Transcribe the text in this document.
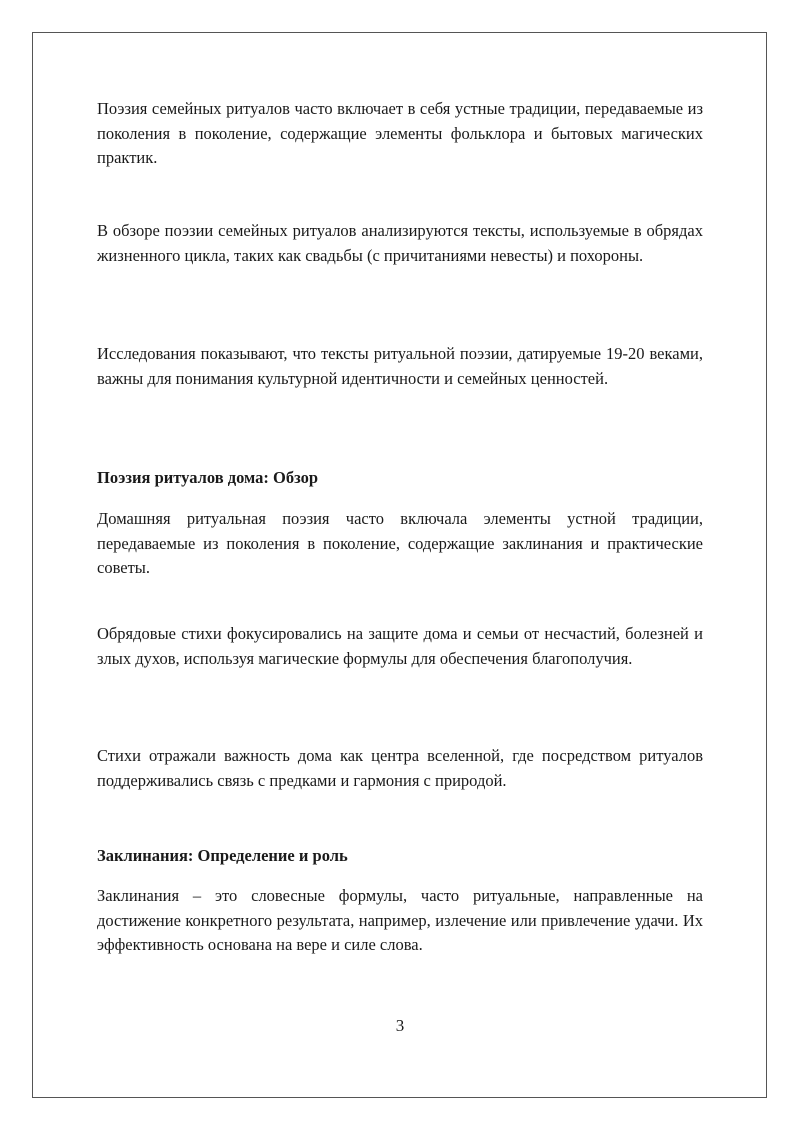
Поэзия семейных ритуалов часто включает в себя устные традиции, передаваемые из поколения в поколение, содержащие элементы фольклора и бытовых магических практик.

В обзоре поэзии семейных ритуалов анализируются тексты, используемые в обрядах жизненного цикла, таких как свадьбы (с причитаниями невесты) и похороны.

Исследования показывают, что тексты ритуальной поэзии, датируемые 19-20 веками, важны для понимания культурной идентичности и семейных ценностей.

Поэзия ритуалов дома: Обзор

Домашняя ритуальная поэзия часто включала элементы устной традиции, передаваемые из поколения в поколение, содержащие заклинания и практические советы.

Обрядовые стихи фокусировались на защите дома и семьи от несчастий, болезней и злых духов, используя магические формулы для обеспечения благополучия.

Стихи отражали важность дома как центра вселенной, где посредством ритуалов поддерживались связь с предками и гармония с природой.

Заклинания: Определение и роль

Заклинания – это словесные формулы, часто ритуальные, направленные на достижение конкретного результата, например, излечение или привлечение удачи. Их эффективность основана на вере и силе слова.

3
